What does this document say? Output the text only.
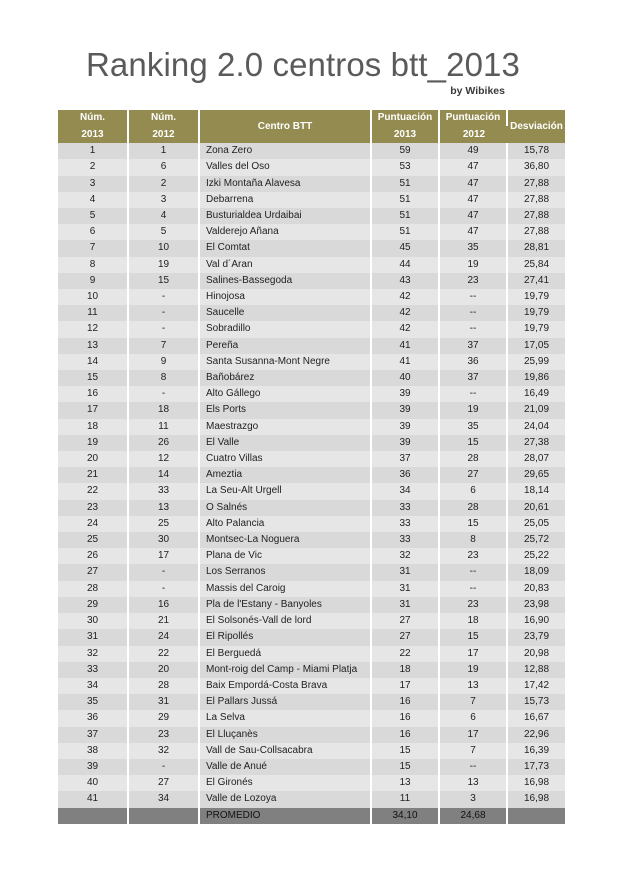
Ranking 2.0 centros btt_2013
by Wibikes
Núm.	Núm.	Centro BTT	Puntuación	Puntuación	Desviación
2013	2012		2013	2012	
1	1	Zona Zero	59	49	15,78
2	6	Valles del Oso	53	47	36,80
3	2	Izki Montaña Alavesa	51	47	27,88
4	3	Debarrena	51	47	27,88
5	4	Busturialdea Urdaibai	51	47	27,88
6	5	Valderejo Añana	51	47	27,88
7	10	El Comtat	45	35	28,81
8	19	Val d´Aran	44	19	25,84
9	15	Salines-Bassegoda	43	23	27,41
10	-	Hinojosa	42	--	19,79
11	-	Saucelle	42	--	19,79
12	-	Sobradillo	42	--	19,79
13	7	Pereña	41	37	17,05
14	9	Santa Susanna-Mont Negre	41	36	25,99
15	8	Bañobárez	40	37	19,86
16	-	Alto Gállego	39	--	16,49
17	18	Els Ports	39	19	21,09
18	11	Maestrazgo	39	35	24,04
19	26	El Valle	39	15	27,38
20	12	Cuatro Villas	37	28	28,07
21	14	Ameztia	36	27	29,65
22	33	La Seu-Alt Urgell	34	6	18,14
23	13	O Salnés	33	28	20,61
24	25	Alto Palancia	33	15	25,05
25	30	Montsec-La Noguera	33	8	25,72
26	17	Plana de Vic	32	23	25,22
27	-	Los Serranos	31	--	18,09
28	-	Massis del Caroig	31	--	20,83
29	16	Pla de l'Estany - Banyoles	31	23	23,98
30	21	El Solsonés-Vall de lord	27	18	16,90
31	24	El Ripollés	27	15	23,79
32	22	El Berguedá	22	17	20,98
33	20	Mont-roig del Camp - Miami Platja	18	19	12,88
34	28	Baix Empordá-Costa Brava	17	13	17,42
35	31	El Pallars Jussá	16	7	15,73
36	29	La Selva	16	6	16,67
37	23	El Lluçanès	16	17	22,96
38	32	Vall de Sau-Collsacabra	15	7	16,39
39	-	Valle de Anué	15	--	17,73
40	27	El Gironés	13	13	16,98
41	34	Valle de Lozoya	11	3	16,98
		PROMEDIO	34,10	24,68	
